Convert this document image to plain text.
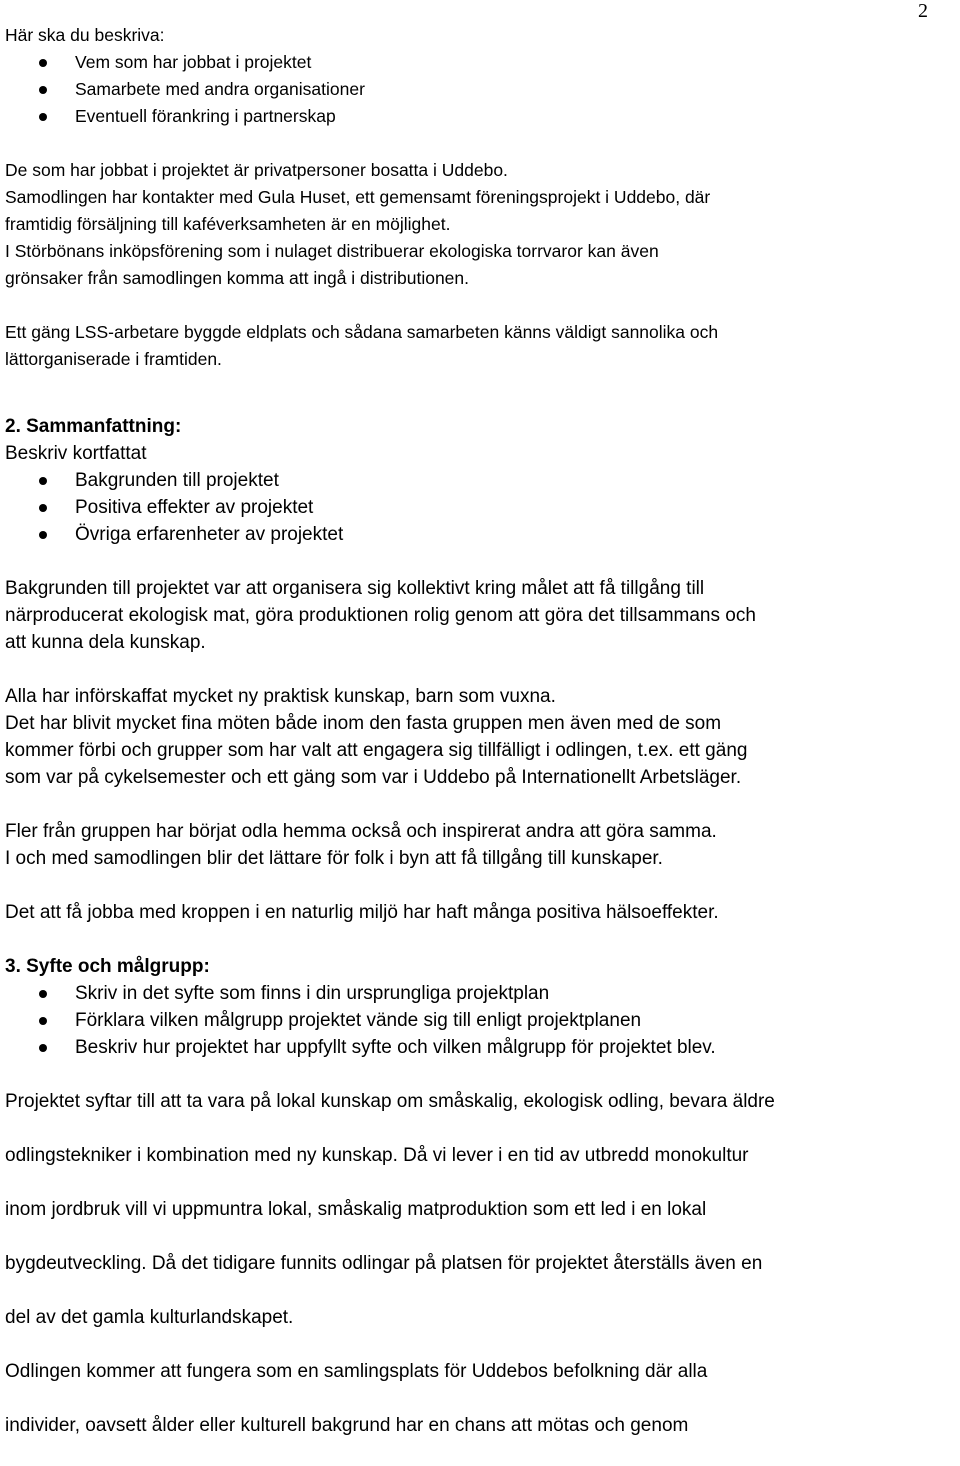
2
Här ska du beskriva:
Vem som har jobbat i projektet
Samarbete med andra organisationer
Eventuell förankring i partnerskap
De som har jobbat i projektet är privatpersoner bosatta i Uddebo.
Samodlingen har kontakter med Gula Huset, ett gemensamt föreningsprojekt i Uddebo, där
framtidig försäljning till kaféverksamheten är en möjlighet.
I Störbönans inköpsförening som i nulaget distribuerar ekologiska torrvaror kan även
grönsaker från samodlingen komma att ingå i distributionen.
Ett gäng LSS-arbetare byggde eldplats och sådana samarbeten känns väldigt sannolika och
lättorganiserade i framtiden.
2. Sammanfattning:
Beskriv kortfattat
Bakgrunden till projektet
Positiva effekter av projektet
Övriga erfarenheter av projektet
Bakgrunden till projektet var att organisera sig kollektivt kring målet att få tillgång till
närproducerat ekologisk mat, göra produktionen rolig genom att göra det tillsammans och
att kunna dela kunskap.
Alla har införskaffat mycket ny praktisk kunskap, barn som vuxna.
Det har blivit mycket fina möten både inom den fasta gruppen men även med de som
kommer förbi och grupper som har valt att engagera sig tillfälligt i odlingen, t.ex. ett gäng
som var på cykelsemester och ett gäng som var i Uddebo på Internationellt Arbetsläger.
Fler från gruppen har börjat odla hemma också och inspirerat andra att göra samma.
I och med samodlingen blir det lättare för folk i byn att få tillgång till kunskaper.
Det att få jobba med kroppen i en naturlig miljö har haft många positiva hälsoeffekter.
3. Syfte och målgrupp:
Skriv in det syfte som finns i din ursprungliga projektplan
Förklara vilken målgrupp projektet vände sig till enligt projektplanen
Beskriv hur projektet har uppfyllt syfte och vilken målgrupp för projektet blev.
Projektet syftar till att ta vara på lokal kunskap om småskalig, ekologisk odling, bevara äldre
odlingstekniker i kombination med ny kunskap. Då vi lever i en tid av utbredd monokultur
inom jordbruk vill vi uppmuntra lokal, småskalig matproduktion som ett led i en lokal
bygdeutveckling. Då det tidigare funnits odlingar på platsen för projektet återställs även en
del av det gamla kulturlandskapet.
Odlingen kommer att fungera som en samlingsplats för Uddebos befolkning där alla
individer, oavsett ålder eller kulturell bakgrund har en chans att mötas och genom
